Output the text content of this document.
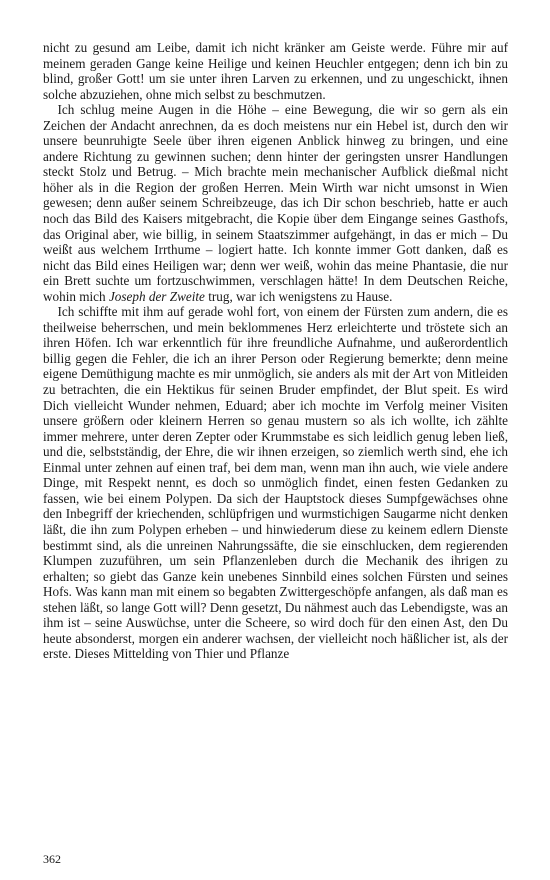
nicht zu gesund am Leibe, damit ich nicht kränker am Geiste werde. Führe mir auf meinem geraden Gange keine Heilige und keinen Heuchler entgegen; denn ich bin zu blind, großer Gott! um sie unter ihren Larven zu erkennen, und zu ungeschickt, ihnen solche abzuziehen, ohne mich selbst zu beschmutzen.

Ich schlug meine Augen in die Höhe – eine Bewegung, die wir so gern als ein Zeichen der Andacht anrechnen, da es doch meistens nur ein Hebel ist, durch den wir unsere beunruhigte Seele über ihren eigenen Anblick hinweg zu bringen, und eine andere Richtung zu gewinnen suchen; denn hinter der geringsten unsrer Handlungen steckt Stolz und Betrug. – Mich brachte mein mechanischer Aufblick dießmal nicht höher als in die Region der großen Herren. Mein Wirth war nicht umsonst in Wien gewesen; denn außer seinem Schreibzeuge, das ich Dir schon beschrieb, hatte er auch noch das Bild des Kaisers mitgebracht, die Kopie über dem Eingange seines Gasthofs, das Original aber, wie billig, in seinem Staatszimmer aufgehängt, in das er mich – Du weißt aus welchem Irrthume – logiert hatte. Ich konnte immer Gott danken, daß es nicht das Bild eines Heiligen war; denn wer weiß, wohin das meine Phantasie, die nur ein Brett suchte um fortzuschwimmen, verschlagen hätte! In dem Deutschen Reiche, wohin mich Joseph der Zweite trug, war ich wenigstens zu Hause.

Ich schiffte mit ihm auf gerade wohl fort, von einem der Fürsten zum andern, die es theilweise beherrschen, und mein beklommenes Herz erleichterte und tröstete sich an ihren Höfen. Ich war erkenntlich für ihre freundliche Aufnahme, und außerordentlich billig gegen die Fehler, die ich an ihrer Person oder Regierung bemerkte; denn meine eigene Demüthigung machte es mir unmöglich, sie anders als mit der Art von Mitleiden zu betrachten, die ein Hektikus für seinen Bruder empfindet, der Blut speit. Es wird Dich vielleicht Wunder nehmen, Eduard; aber ich mochte im Verfolg meiner Visiten unsere größern oder kleinern Herren so genau mustern so als ich wollte, ich zählte immer mehrere, unter deren Zepter oder Krummstabe es sich leidlich genug leben ließ, und die, selbstständig, der Ehre, die wir ihnen erzeigen, so ziemlich werth sind, ehe ich Einmal unter zehnen auf einen traf, bei dem man, wenn man ihn auch, wie viele andere Dinge, mit Respekt nennt, es doch so unmöglich findet, einen festen Gedanken zu fassen, wie bei einem Polypen. Da sich der Hauptstock dieses Sumpfgewächses ohne den Inbegriff der kriechenden, schlüpfrigen und wurmstichigen Saugarme nicht denken läßt, die ihn zum Polypen erheben – und hinwiederum diese zu keinem edlern Dienste bestimmt sind, als die unreinen Nahrungssäfte, die sie einschlucken, dem regierenden Klumpen zuzuführen, um sein Pflanzenleben durch die Mechanik des ihrigen zu erhalten; so giebt das Ganze kein unebenes Sinnbild eines solchen Fürsten und seines Hofs. Was kann man mit einem so begabten Zwittergeschöpfe anfangen, als daß man es stehen läßt, so lange Gott will? Denn gesetzt, Du nähmest auch das Lebendigste, was an ihm ist – seine Auswüchse, unter die Scheere, so wird doch für den einen Ast, den Du heute absonderst, morgen ein anderer wachsen, der vielleicht noch häßlicher ist, als der erste. Dieses Mittelding von Thier und Pflanze

362
